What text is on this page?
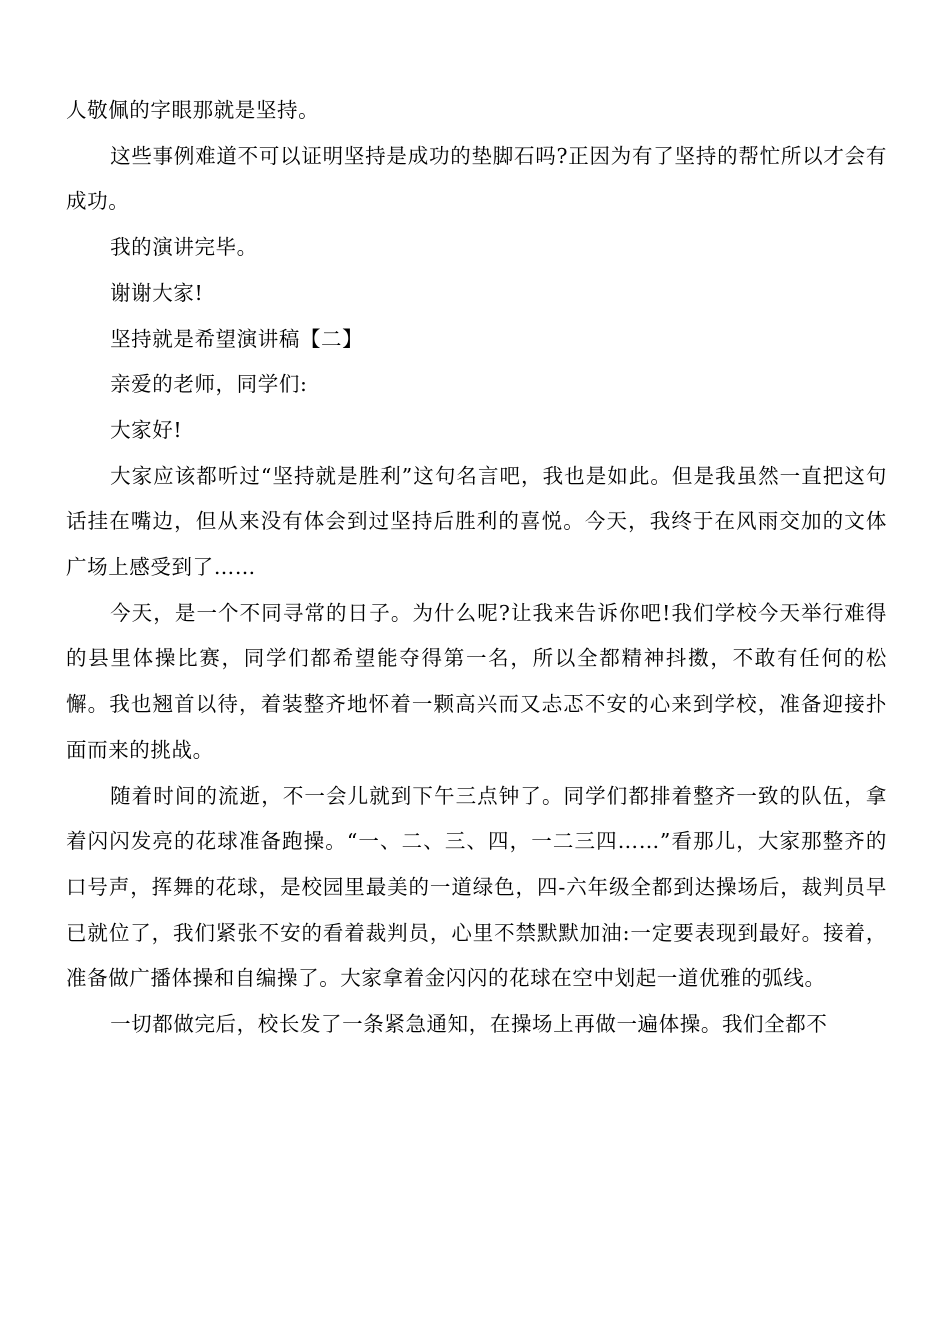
人敬佩的字眼那就是坚持。

这些事例难道不可以证明坚持是成功的垫脚石吗?正因为有了坚持的帮忙所以才会有成功。

我的演讲完毕。

谢谢大家!

坚持就是希望演讲稿【二】

亲爱的老师，同学们:

大家好!

大家应该都听过“坚持就是胜利”这句名言吧，我也是如此。但是我虽然一直把这句话挂在嘴边，但从来没有体会到过坚持后胜利的喜悦。今天，我终于在风雨交加的文体广场上感受到了……

今天，是一个不同寻常的日子。为什么呢?让我来告诉你吧!我们学校今天举行难得的县里体操比赛，同学们都希望能夺得第一名，所以全都精神抖擞，不敢有任何的松懈。我也翘首以待，着装整齐地怀着一颗高兴而又忐忑不安的心来到学校，准备迎接扑面而来的挑战。

随着时间的流逝，不一会儿就到下午三点钟了。同学们都排着整齐一致的队伍，拿着闪闪发亮的花球准备跑操。“一、二、三、四，一二三四……”看那儿，大家那整齐的口号声，挥舞的花球，是校园里最美的一道绿色，四-六年级全都到达操场后，裁判员早已就位了，我们紧张不安的看着裁判员，心里不禁默默加油:一定要表现到最好。接着，准备做广播体操和自编操了。大家拿着金闪闪的花球在空中划起一道优雅的弧线。

一切都做完后，校长发了一条紧急通知，在操场上再做一遍体操。我们全都不
